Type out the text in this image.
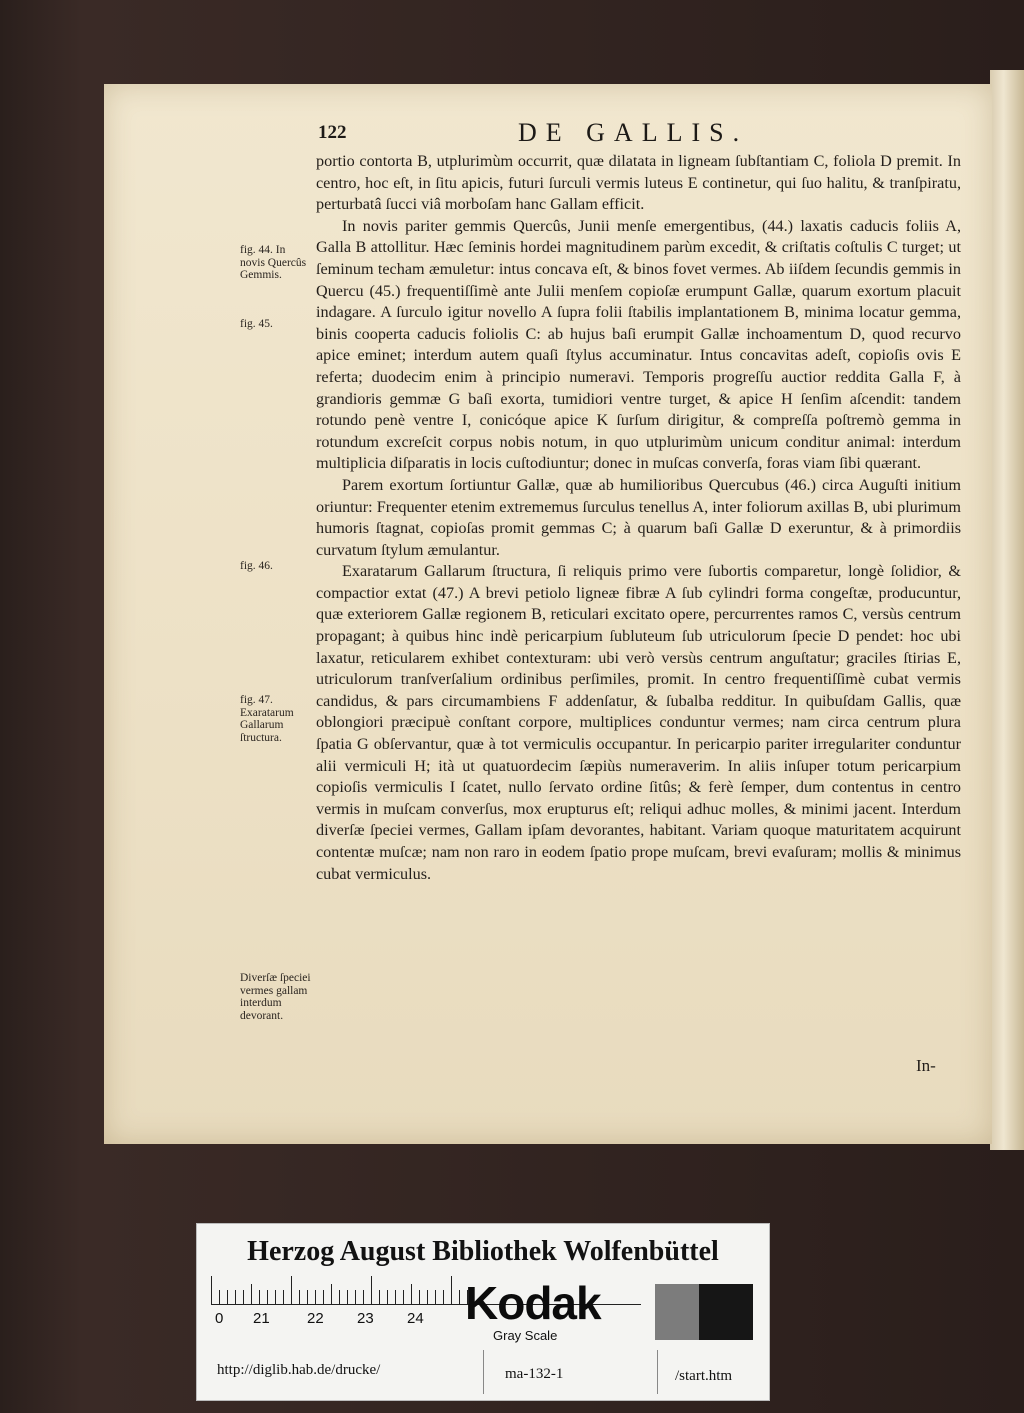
122	DE GALLIS.

portio contorta B, utplurimùm occurrit, quæ dilatata in ligneam ſubſtantiam C, foliola D premit. In centro, hoc eſt, in ſitu apicis, futuri ſurculi vermis luteus E continetur, qui ſuo halitu, & tranſpiratu, perturbatâ ſucci viâ morboſam hanc Gallam efficit.

In novis pariter gemmis Quercûs, Junii menſe emergentibus, (44.) laxatis caducis foliis A, Galla B attollitur. Hæc ſeminis hordei magnitudinem parùm excedit, & criſtatis coſtulis C turget; ut ſeminum techam æmuletur: intus concava eſt, & binos fovet vermes. Ab iiſdem ſecundis gemmis in Quercu (45.) frequentiſſimè ante Julii menſem copioſæ erumpunt Gallæ, quarum exortum placuit indagare. A ſurculo igitur novello A ſupra folii ſtabilis implantationem B, minima locatur gemma, binis cooperta caducis foliolis C: ab hujus baſi erumpit Gallæ inchoamentum D, quod recurvo apice eminet; interdum autem quaſi ſtylus accuminatur. Intus concavitas adeſt, copioſis ovis E referta; duodecim enim à principio numeravi. Temporis progreſſu auctior reddita Galla F, à grandioris gemmæ G baſi exorta, tumidiori ventre turget, & apice H ſenſim aſcendit: tandem rotundo penè ventre I, conicóque apice K ſurſum dirigitur, & compreſſa poſtremò gemma in rotundum excreſcit corpus nobis notum, in quo utplurimùm unicum conditur animal: interdum multiplicia diſparatis in locis cuſtodiuntur; donec in muſcas converſa, foras viam ſibi quærant.

Parem exortum ſortiuntur Gallæ, quæ ab humilioribus Quercubus (46.) circa Auguſti initium oriuntur: Frequenter etenim extrememus ſurculus tenellus A, inter foliorum axillas B, ubi plurimum humoris ſtagnat, copioſas promit gemmas C; à quarum baſi Gallæ D exeruntur, & à primordiis curvatum ſtylum æmulantur.

Exaratarum Gallarum ſtructura, ſi reliquis primo vere ſubortis comparetur, longè ſolidior, & compactior extat (47.) A brevi petiolo ligneæ fibræ A ſub cylindri forma congeſtæ, producuntur, quæ exteriorem Gallæ regionem B, reticulari excitato opere, percurrentes ramos C, versùs centrum propagant; à quibus hinc indè pericarpium ſubluteum ſub utriculorum ſpecie D pendet: hoc ubi laxatur, reticularem exhibet contexturam: ubi verò versùs centrum anguſtatur; graciles ſtirias E, utriculorum tranſverſalium ordinibus perſimiles, promit. In centro frequentiſſimè cubat vermis candidus, & pars circumambiens F addenſatur, & ſubalba redditur. In quibuſdam Gallis, quæ oblongiori præcipuè conſtant corpore, multiplices conduntur vermes; nam circa centrum plura ſpatia G obſervantur, quæ à tot vermiculis occupantur. In pericarpio pariter irregulariter conduntur alii vermiculi H; ità ut quatuordecim ſæpiùs numeraverim. In aliis inſuper totum pericarpium copioſis vermiculis I ſcatet, nullo ſervato ordine ſitûs; & ferè ſemper, dum contentus in centro vermis in muſcam converſus, mox erupturus eſt; reliqui adhuc molles, & minimi jacent. Interdum diverſæ ſpeciei vermes, Gallam ipſam devorantes, habitant. Variam quoque maturitatem acquirunt contentæ muſcæ; nam non raro in eodem ſpatio prope muſcam, brevi evaſuram; mollis & minimus cubat vermiculus.

fig. 44. In novis Quercûs Gemmis.
fig. 45.
fig. 46.
fig. 47. Exaratarum Gallarum ſtructura.
Diverſæ ſpeciei vermes gallam interdum devorant.
In-
Herzog August Bibliothek Wolfenbüttel
0 21 22 23 24 Kodak
Gray Scale
http://diglib.hab.de/drucke/	ma-132-1	/start.htm
